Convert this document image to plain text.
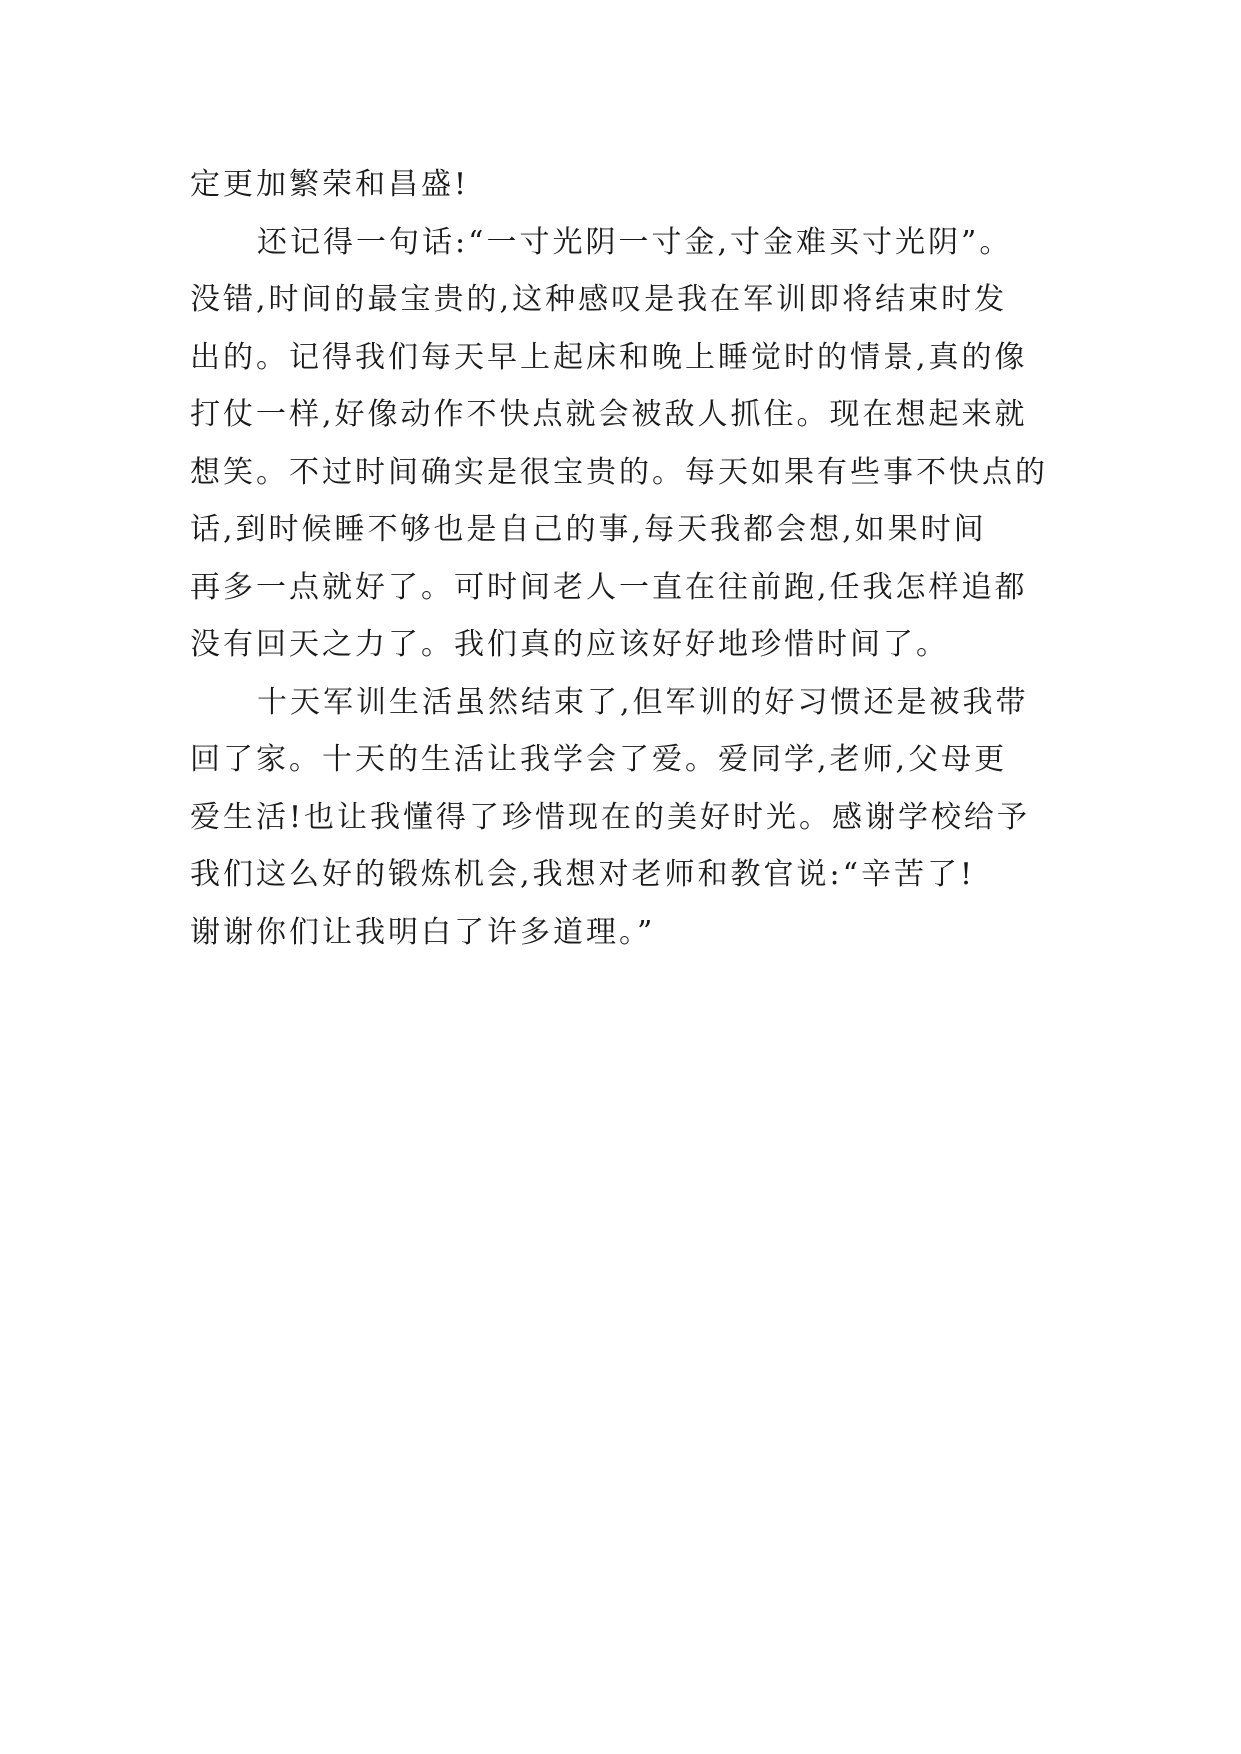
定更加繁荣和昌盛!
还记得一句话:“一寸光阴一寸金,寸金难买寸光阴”。
没错,时间的最宝贵的,这种感叹是我在军训即将结束时发
出的。记得我们每天早上起床和晚上睡觉时的情景,真的像
打仗一样,好像动作不快点就会被敌人抓住。现在想起来就
想笑。不过时间确实是很宝贵的。每天如果有些事不快点的
话,到时候睡不够也是自己的事,每天我都会想,如果时间
再多一点就好了。可时间老人一直在往前跑,任我怎样追都
没有回天之力了。我们真的应该好好地珍惜时间了。
十天军训生活虽然结束了,但军训的好习惯还是被我带
回了家。十天的生活让我学会了爱。爱同学,老师,父母更
爱生活!也让我懂得了珍惜现在的美好时光。感谢学校给予
我们这么好的锻炼机会,我想对老师和教官说:“辛苦了!
谢谢你们让我明白了许多道理。”
